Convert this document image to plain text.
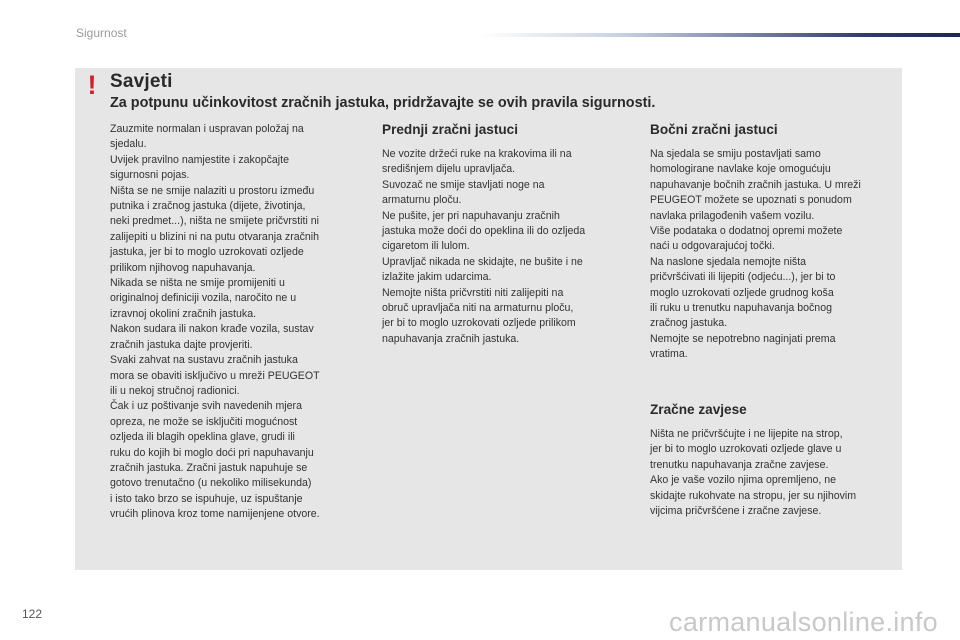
Sigurnost
! Savjeti
Za potpunu učinkovitost zračnih jastuka, pridržavajte se ovih pravila sigurnosti.

Zauzmite normalan i uspravan položaj na

sjedalu.

Uvijek pravilno namjestite i zakopčajte

sigurnosni pojas.

Ništa se ne smije nalaziti u prostoru između

putnika i zračnog jastuka (dijete, životinja,

neki predmet...), ništa ne smijete pričvrstiti ni

zalijepiti u blizini ni na putu otvaranja zračnih

jastuka, jer bi to moglo uzrokovati ozljede

prilikom njihovog napuhavanja.

Nikada se ništa ne smije promijeniti u

originalnoj definiciji vozila, naročito ne u

izravnoj okolini zračnih jastuka.

Nakon sudara ili nakon krađe vozila, sustav

zračnih jastuka dajte provjeriti.

Svaki zahvat na sustavu zračnih jastuka

mora se obaviti isključivo u mreži PEUGEOT

ili u nekoj stručnoj radionici.

Čak i uz poštivanje svih navedenih mjera

opreza, ne može se isključiti mogućnost

ozljeda ili blagih opeklina glave, grudi ili

ruku do kojih bi moglo doći pri napuhavanju

zračnih jastuka. Zračni jastuk napuhuje se

gotovo trenutačno (u nekoliko milisekunda)

i isto tako brzo se ispuhuje, uz ispuštanje

vrućih plinova kroz tome namijenjene otvore.

Prednji zračni jastuci

Ne vozite držeći ruke na krakovima ili na

središnjem dijelu upravljača.

Suvozač ne smije stavljati noge na

armaturnu ploču.

Ne pušite, jer pri napuhavanju zračnih

jastuka može doći do opeklina ili do ozljeda

cigaretom ili lulom.

Upravljač nikada ne skidajte, ne bušite i ne

izlažite jakim udarcima.

Nemojte ništa pričvrstiti niti zalijepiti na

obruč upravljača niti na armaturnu ploču,

jer bi to moglo uzrokovati ozljede prilikom

napuhavanja zračnih jastuka.

Bočni zračni jastuci

Na sjedala se smiju postavljati samo

homologirane navlake koje omogućuju

napuhavanje bočnih zračnih jastuka. U mreži

PEUGEOT možete se upoznati s ponudom

navlaka prilagođenih vašem vozilu.

Više podataka o dodatnoj opremi možete

naći u odgovarajućoj točki.

Na naslone sjedala nemojte ništa

pričvršćivati ili lijepiti (odjeću...), jer bi to

moglo uzrokovati ozljede grudnog koša

ili ruku u trenutku napuhavanja bočnog

zračnog jastuka.

Nemojte se nepotrebno naginjati prema

vratima.

Zračne zavjese

Ništa ne pričvršćujte i ne lijepite na strop,

jer bi to moglo uzrokovati ozljede glave u

trenutku napuhavanja zračne zavjese.

Ako je vaše vozilo njima opremljeno, ne

skidajte rukohvate na stropu, jer su njihovim

vijcima pričvršćene i zračne zavjese.

122	carmanualsonline.info
